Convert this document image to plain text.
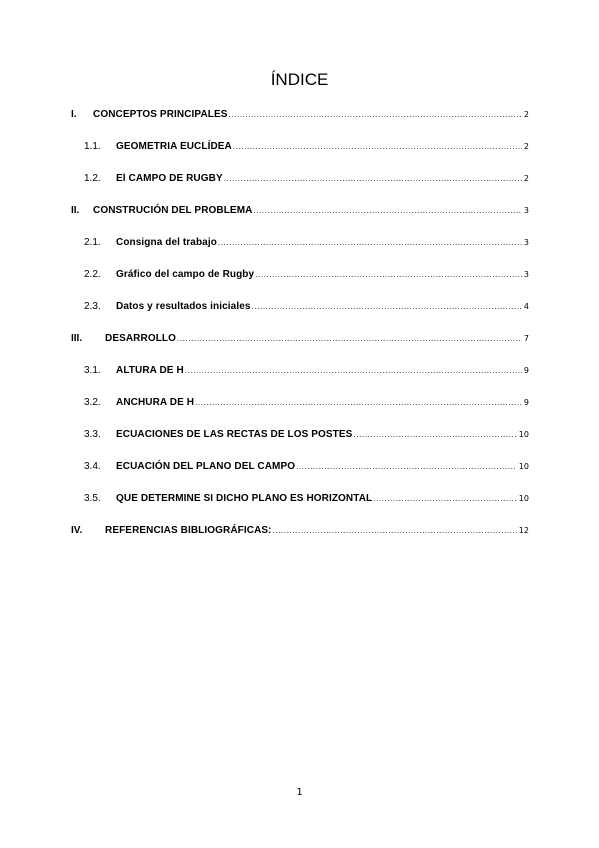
ÍNDICE
I.	CONCEPTOS PRINCIPALES .....	2
1.1.	GEOMETRIA EUCLÍDEA .....	2
1.2.	El CAMPO DE RUGBY .....	2
II.	CONSTRUCIÓN DEL PROBLEMA .....	3
2.1.	Consigna del trabajo .....	3
2.2.	Gráfico del campo de Rugby .....	3
2.3.	Datos y resultados iniciales .....	4
III.	DESARROLLO .....	7
3.1.	ALTURA DE H .....	9
3.2.	ANCHURA DE H .....	9
3.3.	ECUACIONES DE LAS RECTAS DE LOS POSTES .....	10
3.4.	ECUACIÓN DEL PLANO DEL CAMPO .....	10
3.5.	QUE DETERMINE SI DICHO PLANO ES HORIZONTAL .....	10
IV.	REFERENCIAS BIBLIOGRÁFICAS: .....	12
1
